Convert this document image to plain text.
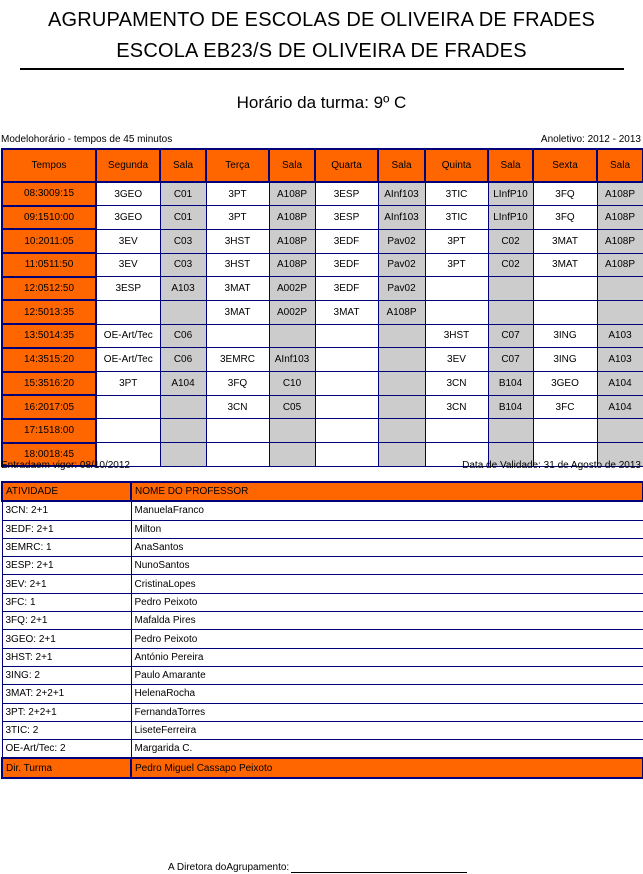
AGRUPAMENTO DE ESCOLAS DE OLIVEIRA DE FRADES
ESCOLA EB23/S DE OLIVEIRA DE FRADES
Horário da turma: 9º C
Modelohorário - tempos de 45 minutos	Anoletivo: 2012 - 2013
Tempos	Segunda	Sala	Terça	Sala	Quarta	Sala	Quinta	Sala	Sexta	Sala
08:3009:15	3GEO	C01	3PT	A108P	3ESP	AInf103	3TIC	LInfP10	3FQ	A108P
09:1510:00	3GEO	C01	3PT	A108P	3ESP	AInf103	3TIC	LInfP10	3FQ	A108P
10:2011:05	3EV	C03	3HST	A108P	3EDF	Pav02	3PT	C02	3MAT	A108P
11:0511:50	3EV	C03	3HST	A108P	3EDF	Pav02	3PT	C02	3MAT	A108P
12:0512:50	3ESP	A103	3MAT	A002P	3EDF	Pav02				
12:5013:35			3MAT	A002P	3MAT	A108P				
13:5014:35	OE-Art/Tec	C06					3HST	C07	3ING	A103
14:3515:20	OE-Art/Tec	C06	3EMRC	AInf103			3EV	C07	3ING	A103
15:3516:20	3PT	A104	3FQ	C10			3CN	B104	3GEO	A104
16:2017:05			3CN	C05			3CN	B104	3FC	A104
17:1518:00										
18:0018:45										
Entradaem vigor: 08/10/2012	Data de Validade: 31 de Agosto de 2013
ATIVIDADE	NOME DO PROFESSOR
3CN: 2+1	ManuelaFranco
3EDF: 2+1	Milton
3EMRC: 1	AnaSantos
3ESP: 2+1	NunoSantos
3EV: 2+1	CristinaLopes
3FC: 1	Pedro Peixoto
3FQ: 2+1	Mafalda Pires
3GEO: 2+1	Pedro Peixoto
3HST: 2+1	António Pereira
3ING: 2	Paulo Amarante
3MAT: 2+2+1	HelenaRocha
3PT: 2+2+1	FernandaTorres
3TIC: 2	LiseteFerreira
OE-Art/Tec: 2	Margarida C.
Dir. Turma	Pedro Miguel Cassapo Peixoto
A Diretora doAgrupamento:
